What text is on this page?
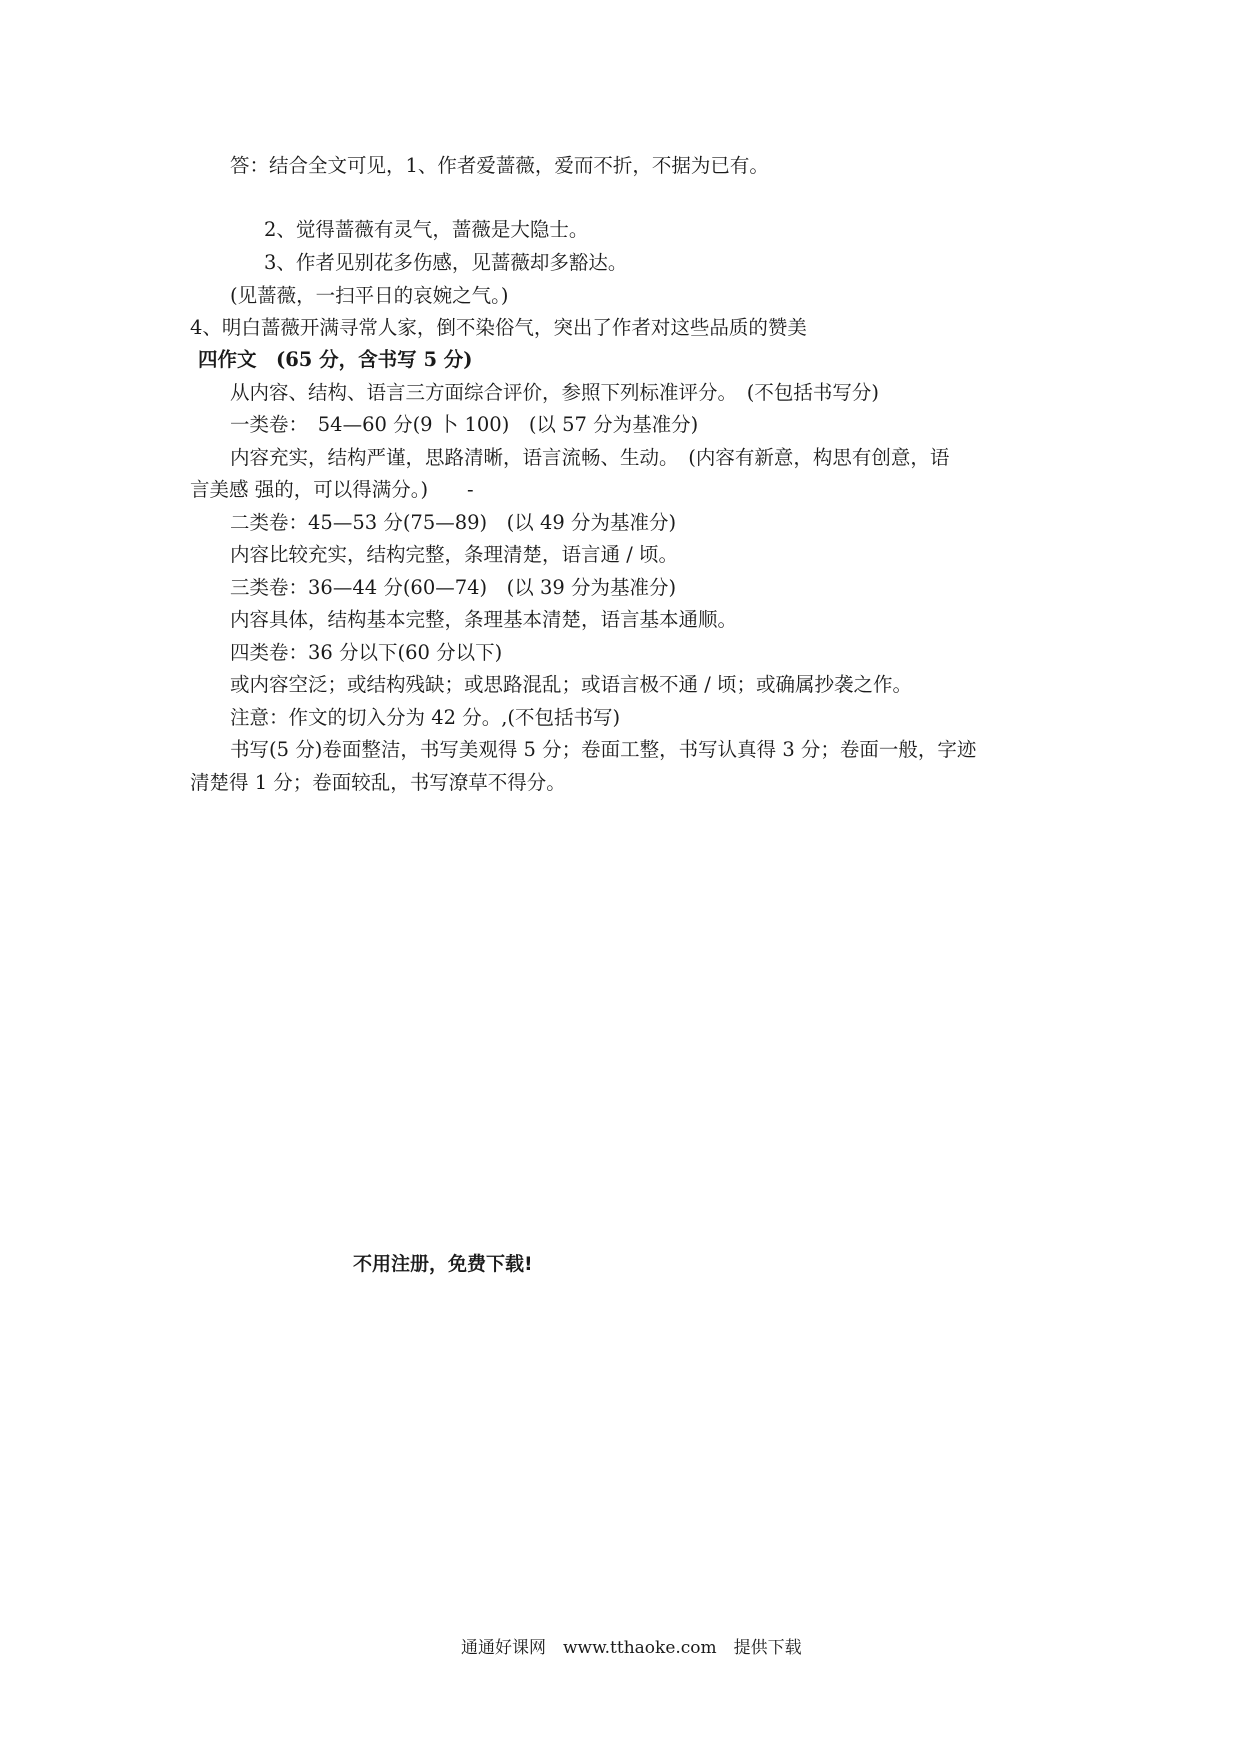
答：结合全文可见，1、作者爱蔷薇，爱而不折，不据为已有。
2、觉得蔷薇有灵气，蔷薇是大隐士。
3、作者见别花多伤感，见蔷薇却多豁达。
(见蔷薇，一扫平日的哀婉之气。)
4、明白蔷薇开满寻常人家，倒不染俗气，突出了作者对这些品质的赞美
四作文　(65 分，含书写 5 分)
从内容、结构、语言三方面综合评价，参照下列标准评分。　(不包括书写分)
一类卷：　54—60 分(9 卜 100)　(以 57 分为基准分)
内容充实，结构严谨，思路清晰，语言流畅、生动。　(内容有新意，构思有创意，语
言美感 强的，可以得满分。)　　-
二类卷：45—53 分(75—89)　(以 49 分为基准分)
内容比较充实，结构完整，条理清楚，语言通 / 顷。
三类卷：36—44 分(60—74)　(以 39 分为基准分)
内容具体，结构基本完整，条理基本清楚，语言基本通顺。
四类卷：36 分以下(60 分以下)
或内容空泛；或结构残缺；或思路混乱；或语言极不通 / 顷；或确属抄袭之作。
注意：作文的切入分为 42 分。,(不包括书写)
书写(5 分)卷面整洁，书写美观得 5 分；卷面工整，书写认真得 3 分；卷面一般，字迹
清楚得 1 分；卷面较乱，书写潦草不得分。
不用注册，免费下载!
通通好课网　www.tthaoke.com　提供下载
